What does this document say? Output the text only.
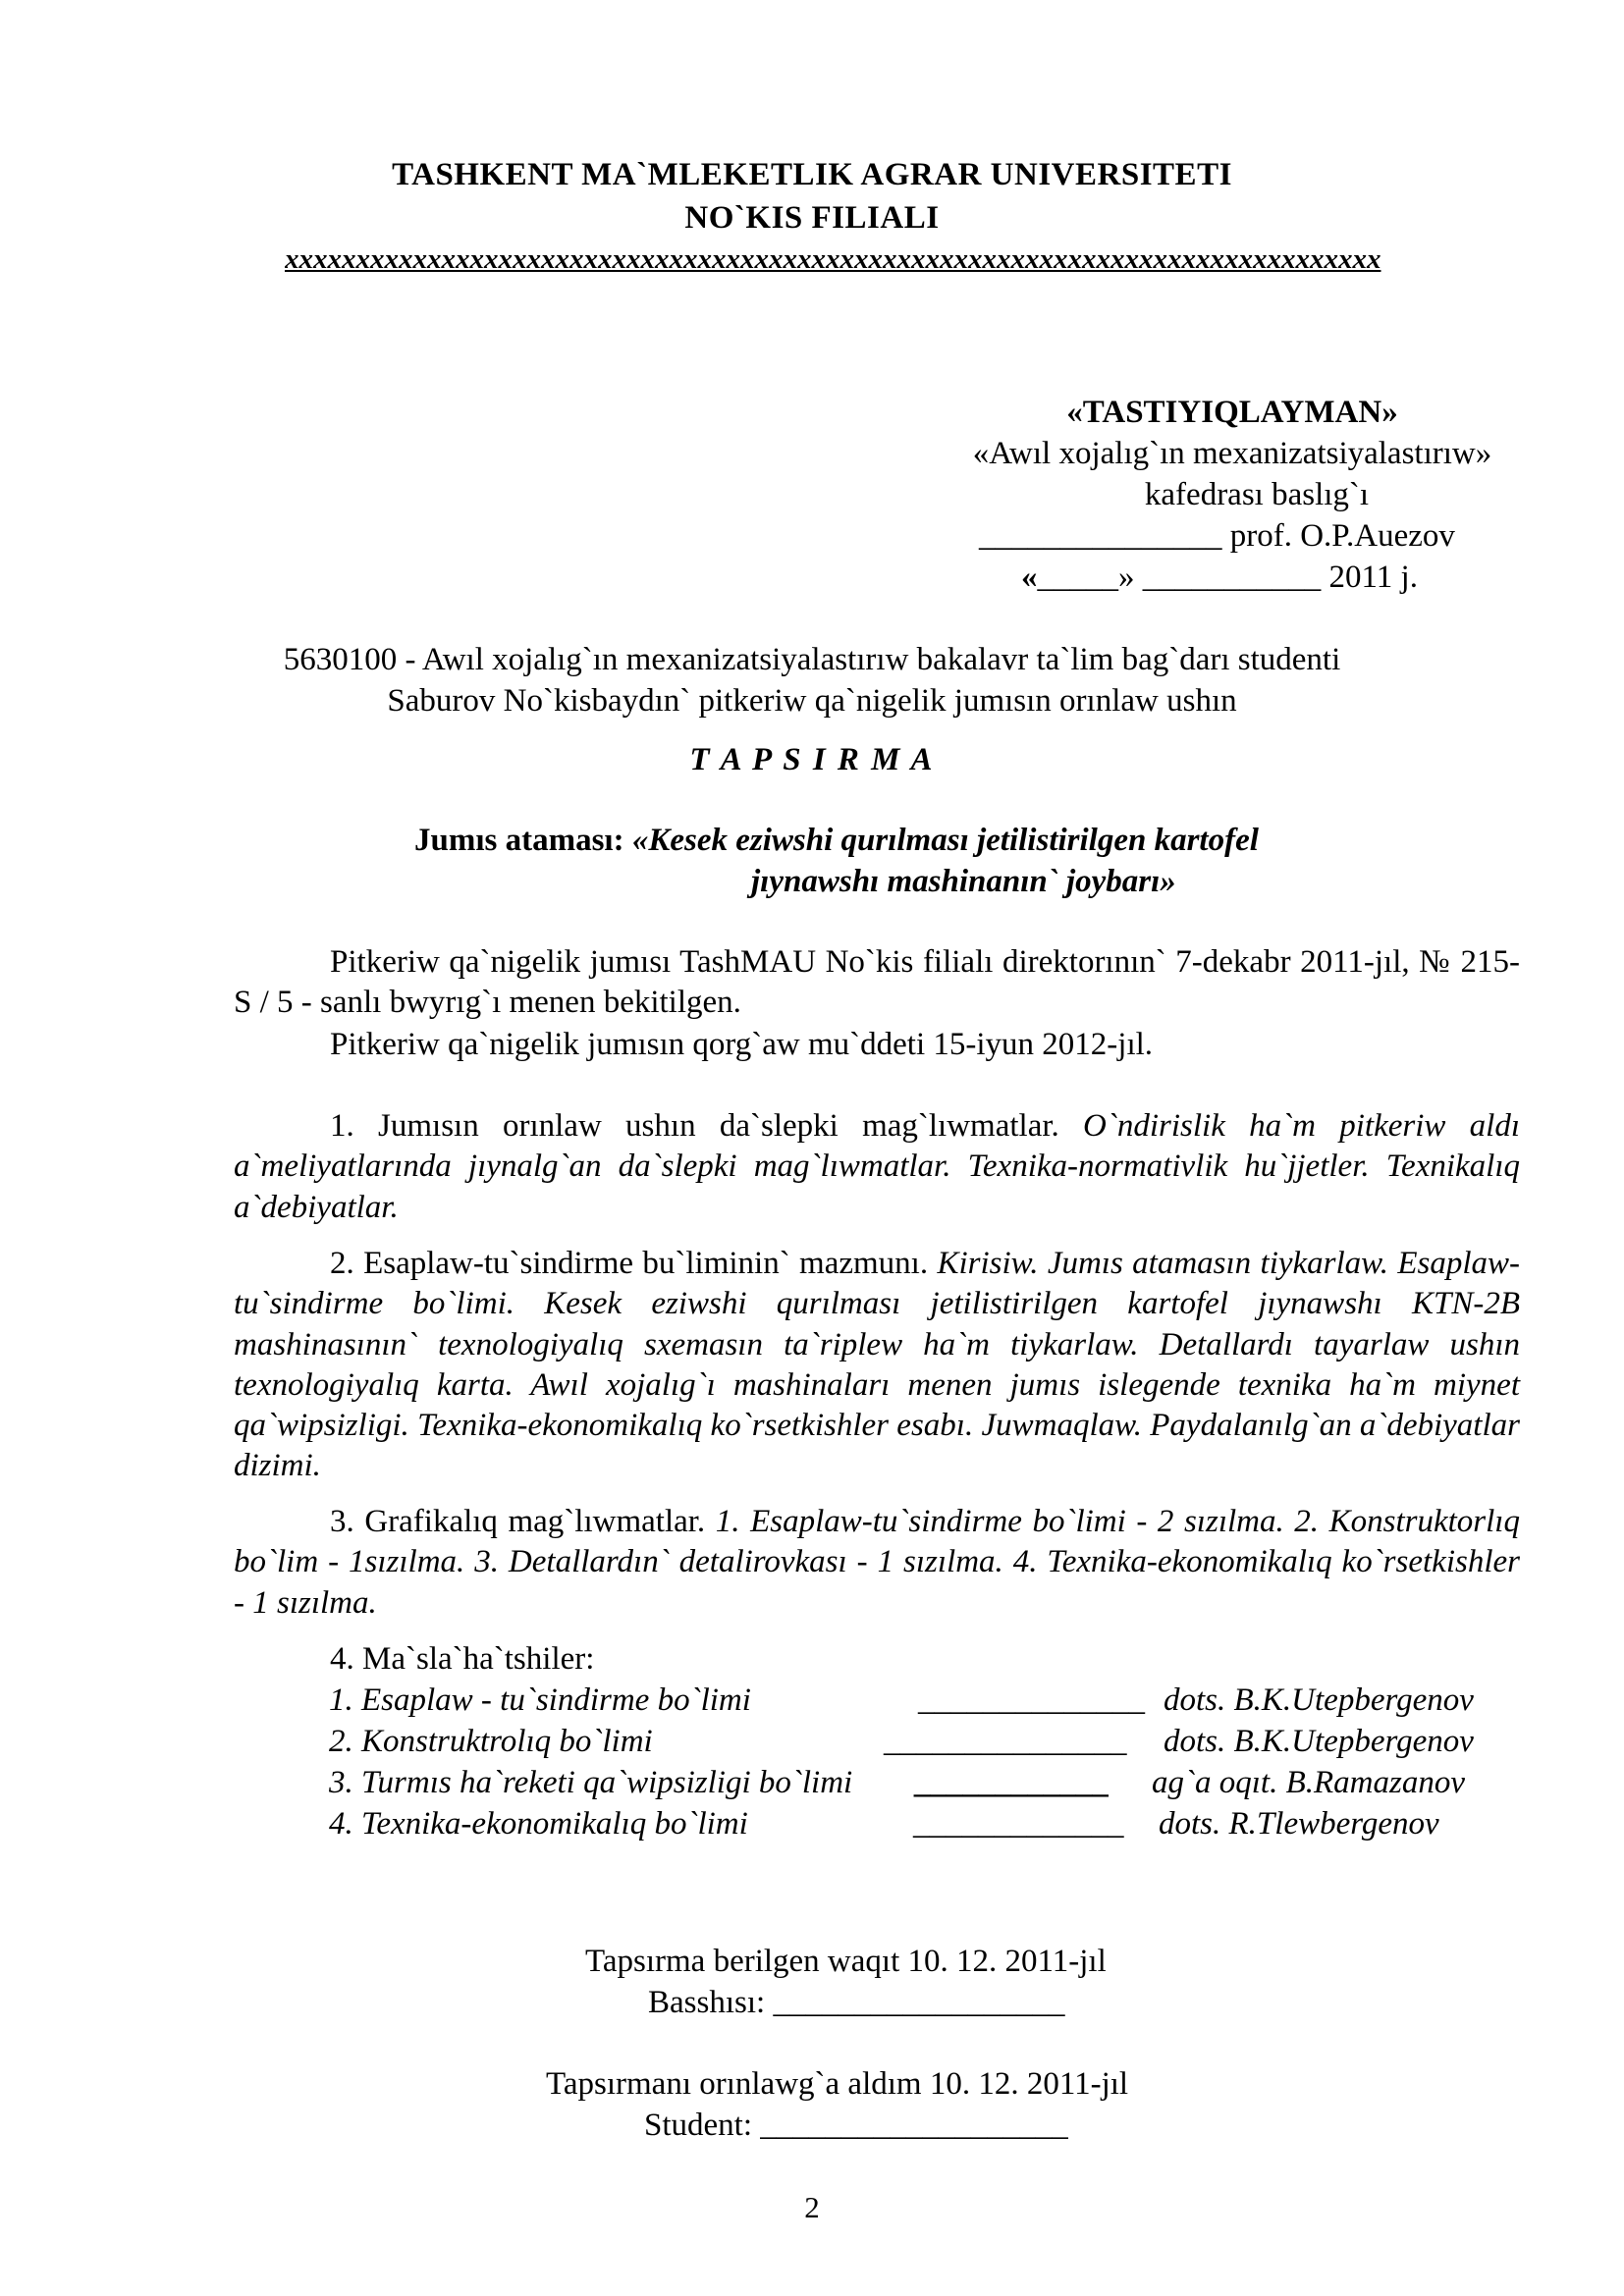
TASHKENT MA`MLEKETLIK AGRAR UNIVERSITETI
NO`KIS FILIALI
xxxxxxxxxxxxxxxxxxxxxxxxxxxxxxxxxxxxxxxxxxxxxxxxxxxxxxxxxxxxxxxxxxxxxxxxxxxxx
«TASTIYIQLAYMAN»
«Awıl xojalıg`ın mexanizatsiyalastırıw»
kafedrası baslıg`ı
_______________ prof. O.P.Auezov
«_____» ___________ 2011 j.
5630100 - Awıl xojalıg`ın mexanizatsiyalastırıw bakalavr ta`lim bag`darı studenti
Saburov No`kisbaydın` pitkeriw qa`nigelik jumısın orınlaw ushın
T A P S I R M A
Jumıs ataması: «Kesek eziwshi qurılması jetilistirilgen kartofel
jıynawshı mashinanın` joybarı»
Pitkeriw qa`nigelik jumısı TashMAU No`kis filialı direktorının` 7-dekabr 2011-jıl, № 215-S / 5 - sanlı bwyrıg`ı menen bekitilgen.
Pitkeriw qa`nigelik jumısın qorg`aw mu`ddeti 15-iyun 2012-jıl.
1. Jumısın orınlaw ushın da`slepki mag`lıwmatlar. O`ndirislik ha`m pitkeriw aldı a`meliyatlarında jıynalg`an da`slepki mag`lıwmatlar. Texnika-normativlik hu`jjetler. Texnikalıq a`debiyatlar.
2. Esaplaw-tu`sindirme bu`liminin` mazmunı. Kirisiw. Jumıs atamasın tiykarlaw. Esaplaw-tu`sindirme bo`limi. Kesek eziwshi qurılması jetilistirilgen kartofel jıynawshı KTN-2B mashinasının` texnologiyalıq sxemasın ta`riplew ha`m tiykarlaw. Detallardı tayarlaw ushın texnologiyalıq karta. Awıl xojalıg`ı mashinaları menen jumıs islegende texnika ha`m miynet qa`wipsizligi. Texnika-ekonomikalıq ko`rsetkishler esabı. Juwmaqlaw. Paydalanılg`an a`debiyatlar dizimi.
3. Grafikalıq mag`lıwmatlar. 1. Esaplaw-tu`sindirme bo`limi - 2 sızılma. 2. Konstruktorlıq bo`lim - 1sızılma. 3. Detallardın` detalirovkası - 1 sızılma. 4. Texnika-ekonomikalıq ko`rsetkishler - 1 sızılma.
4. Ma`sla`ha`tshiler:
1. Esaplaw - tu`sindirme bo`limi	______________ dots. B.K.Utepbergenov
2. Konstruktrolıq bo`limi	_______________ dots. B.K.Utepbergenov
3. Turmıs ha`reketi qa`wipsizligi bo`limi ____________ ag`a oqıt. B.Ramazanov
4. Texnika-ekonomikalıq bo`limi	_____________ dots. R.Tlewbergenov
Tapsırma berilgen waqıt 10. 12. 2011-jıl
Basshısı: __________________
Tapsırmanı orınlawg`a aldım 10. 12. 2011-jıl
Student: ___________________
2
